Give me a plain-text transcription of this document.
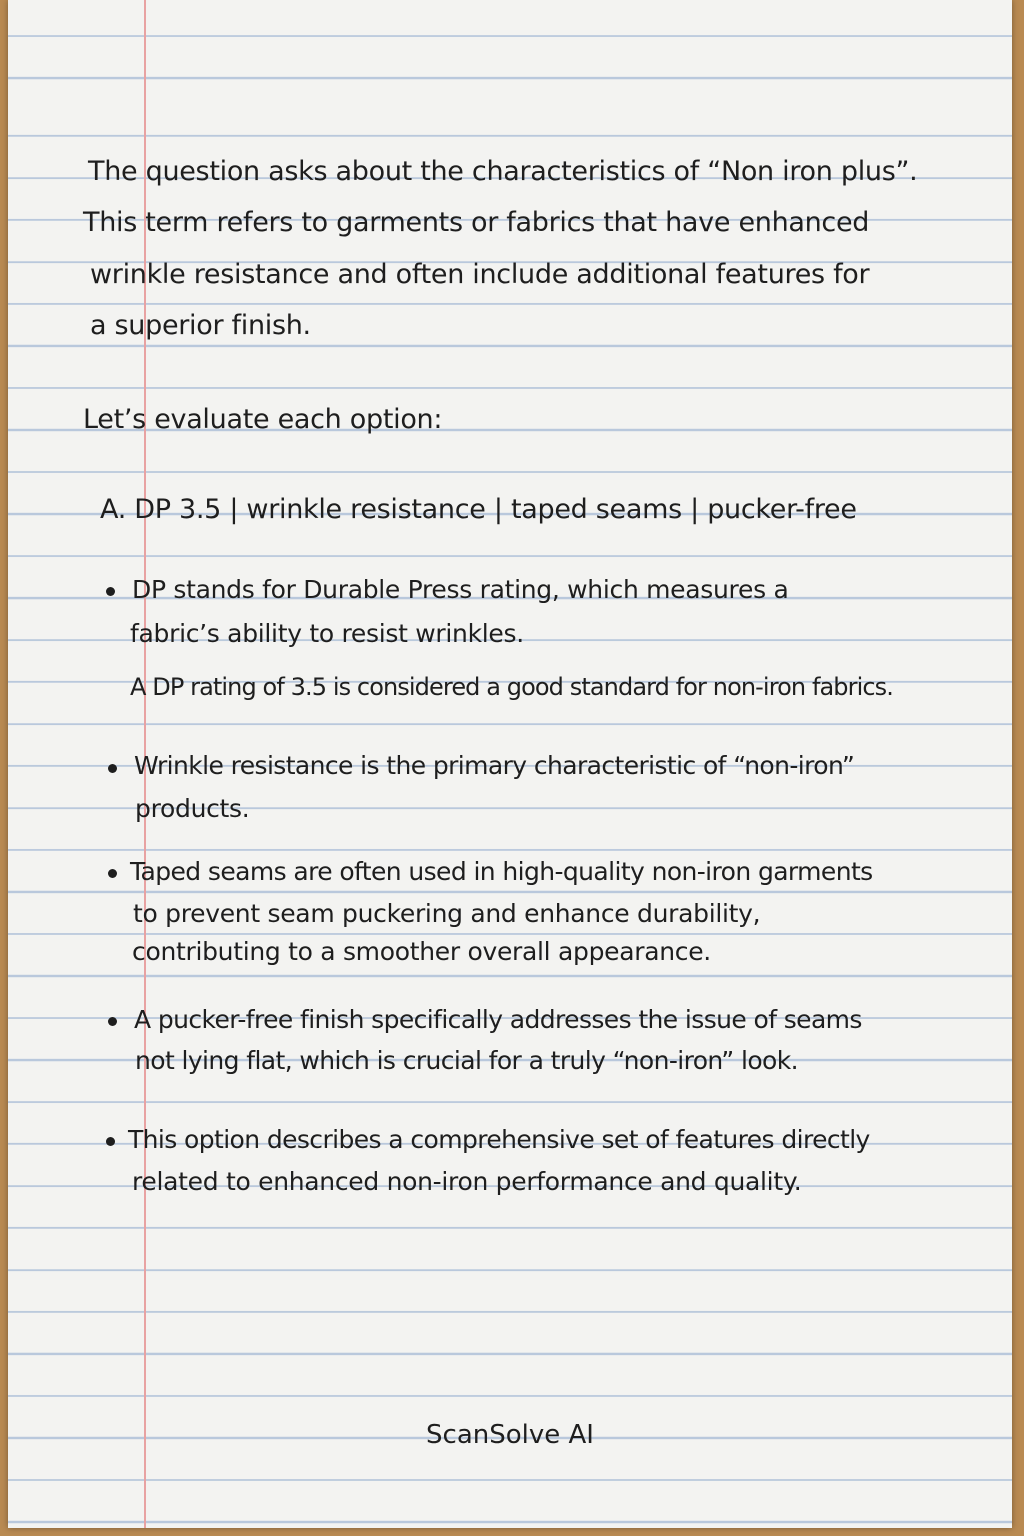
The question asks about the characteristics of “Non iron plus”.
This term refers to garments or fabrics that have enhanced
wrinkle resistance and often include additional features for
a superior finish.
Let’s evaluate each option:
A. DP 3.5 | wrinkle resistance | taped seams | pucker-free
DP stands for Durable Press rating, which measures a
fabric’s ability to resist wrinkles.
A DP rating of 3.5 is considered a good standard for non-iron fabrics.
Wrinkle resistance is the primary characteristic of “non-iron”
products.
Taped seams are often used in high-quality non-iron garments
to prevent seam puckering and enhance durability,
contributing to a smoother overall appearance.
A pucker-free finish specifically addresses the issue of seams
not lying flat, which is crucial for a truly “non-iron” look.
This option describes a comprehensive set of features directly
related to enhanced non-iron performance and quality.
ScanSolve AI
